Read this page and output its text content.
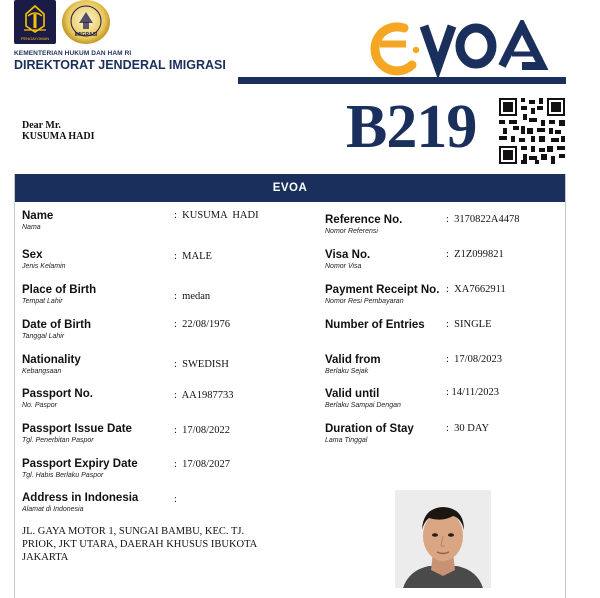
PENGAYOMAN
IMIGRASI
KEMENTERIAN HUKUM DAN HAM RI
DIREKTORAT JENDERAL IMIGRASI
Dear Mr.
KUSUMA HADI	B219
EVOA
Name
Nama
: KUSUMA  HADI
Sex
Jenis Kelamin
: MALE
Place of Birth
Tempat Lahir	: medan
Date of Birth
Tanggal Lahir
: 22/08/1976
Nationality
Kebangsaan
: SWEDISH
Passport No.
No. Paspor
: AA1987733
Passport Issue Date
Tgl. Penerbitan Paspor
: 17/08/2022
Passport Expiry Date
Tgl. Habis Berlaku Paspor
: 17/08/2027
Address in Indonesia
Alamat di Indonesia
:
JL. GAYA MOTOR 1, SUNGAI BAMBU, KEC. TJ.
PRIOK, JKT UTARA, DAERAH KHUSUS IBUKOTA
JAKARTA
Reference No.
Nomor Referensi
: 3170822A4478
Visa No.
Nomor Visa
: Z1Z099821
Payment Receipt No.
Nomor Resi Pembayaran
: XA7662911
Number of Entries : SINGLE
Valid from
Berlaku Sejak
: 17/08/2023
Valid until
Berlaku Sampai Dengan
: 14/11/2023
Duration of Stay
Lama Tinggal
: 30 DAY
